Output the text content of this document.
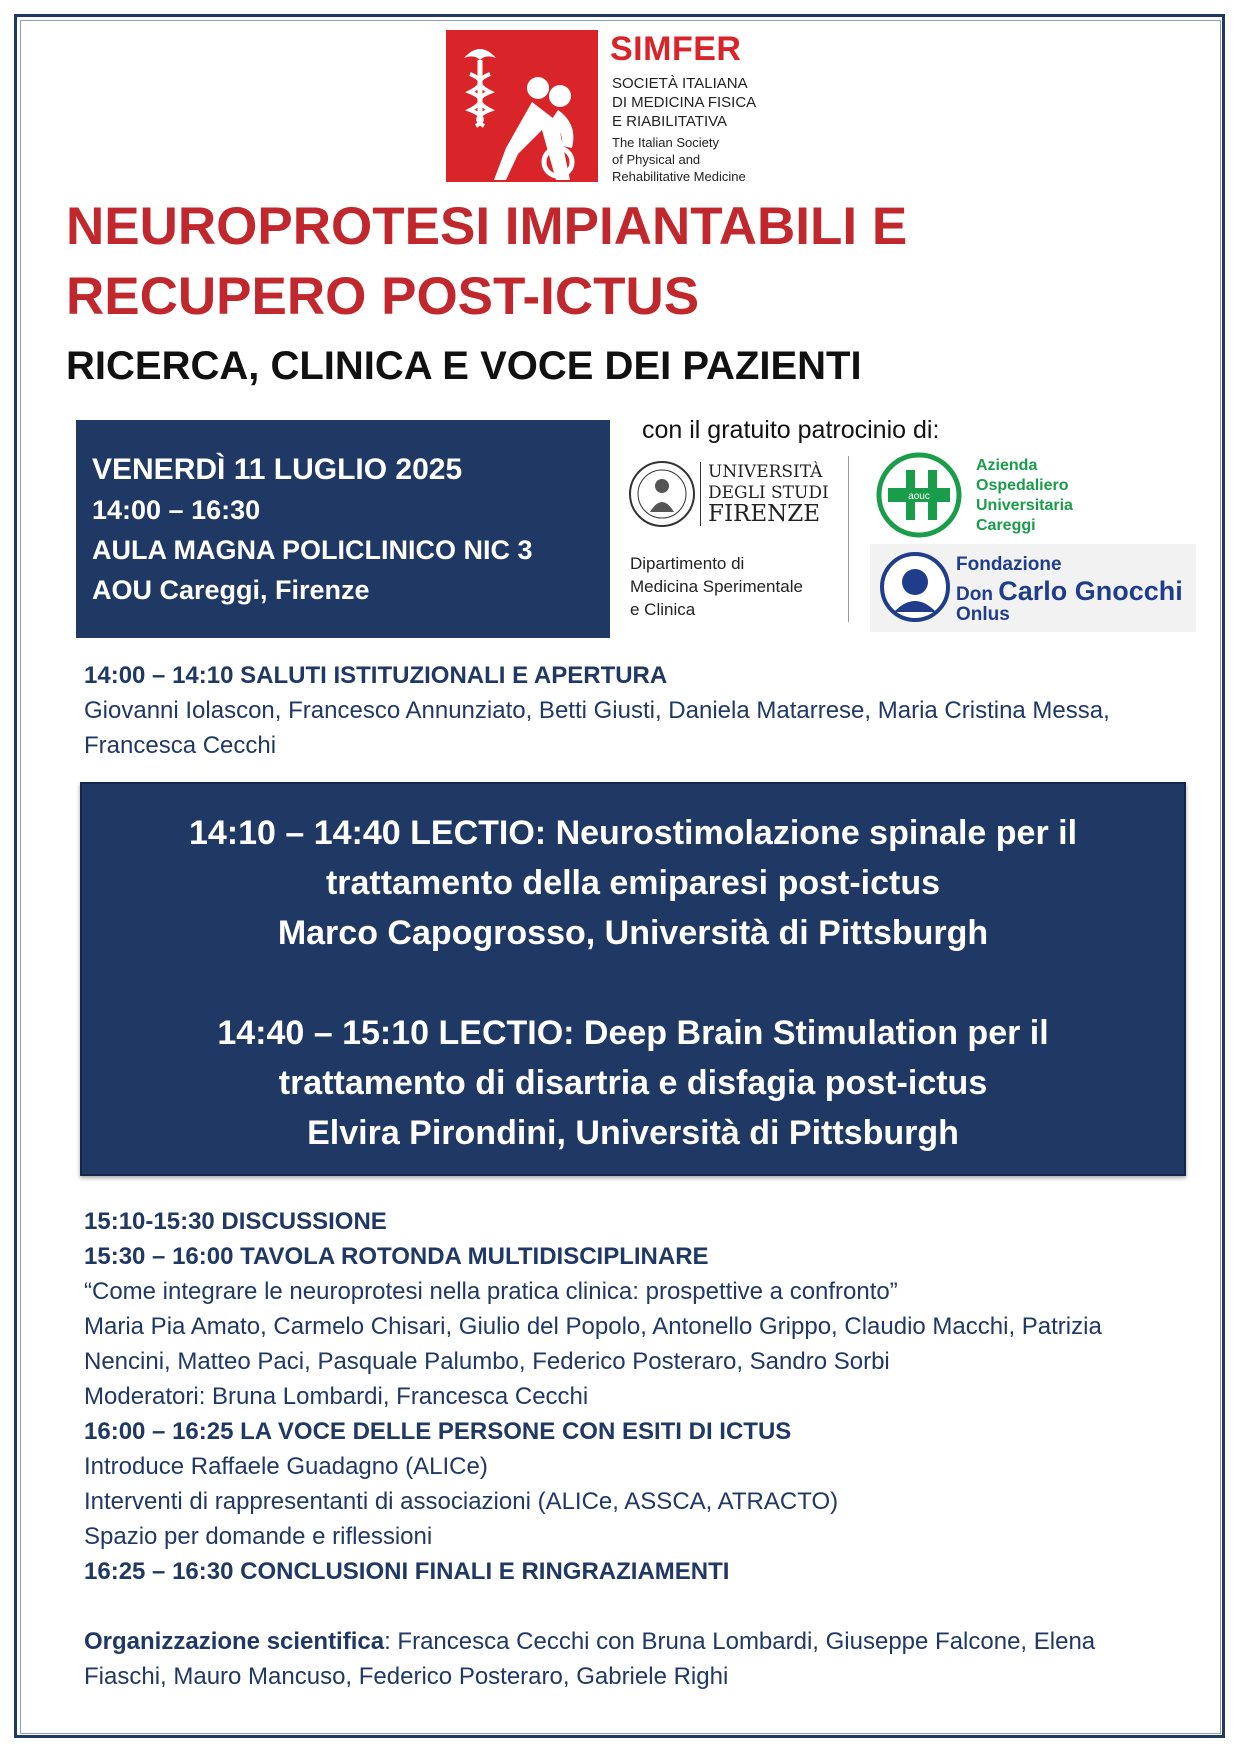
SIMFER
SOCIETÀ ITALIANA
DI MEDICINA FISICA
E RIABILITATIVA
The Italian Society
of Physical and
Rehabilitative Medicine
NEUROPROTESI IMPIANTABILI E RECUPERO POST-ICTUS
RICERCA, CLINICA E VOCE DEI PAZIENTI
VENERDÌ 11 LUGLIO 2025
14:00 – 16:30
AULA MAGNA POLICLINICO NIC 3
AOU Careggi, Firenze
con il gratuito patrocinio di:
UNIVERSITÀ
DEGLI STUDI
FIRENZE
Dipartimento di
Medicina Sperimentale
e Clinica
aouc
Azienda
Ospedaliero
Universitaria
Careggi
Fondazione
Don Carlo Gnocchi
Onlus
14:00 – 14:10 SALUTI ISTITUZIONALI E APERTURA
Giovanni Iolascon, Francesco Annunziato, Betti Giusti, Daniela Matarrese, Maria Cristina Messa, Francesca Cecchi
14:10 – 14:40 LECTIO: Neurostimolazione spinale per il
trattamento della emiparesi post-ictus
Marco Capogrosso, Università di Pittsburgh
14:40 – 15:10 LECTIO: Deep Brain Stimulation per il
trattamento di disartria e disfagia post-ictus
Elvira Pirondini, Università di Pittsburgh
15:10-15:30 DISCUSSIONE
15:30 – 16:00 TAVOLA ROTONDA MULTIDISCIPLINARE
“Come integrare le neuroprotesi nella pratica clinica: prospettive a confronto”
Maria Pia Amato, Carmelo Chisari, Giulio del Popolo, Antonello Grippo, Claudio Macchi, Patrizia Nencini, Matteo Paci, Pasquale Palumbo, Federico Posteraro, Sandro Sorbi
Moderatori: Bruna Lombardi, Francesca Cecchi
16:00 – 16:25 LA VOCE DELLE PERSONE CON ESITI DI ICTUS
Introduce Raffaele Guadagno (ALICe)
Interventi di rappresentanti di associazioni (ALICe, ASSCA, ATRACTO)
Spazio per domande e riflessioni
16:25 – 16:30 CONCLUSIONI FINALI E RINGRAZIAMENTI
Organizzazione scientifica: Francesca Cecchi con Bruna Lombardi, Giuseppe Falcone, Elena Fiaschi, Mauro Mancuso, Federico Posteraro, Gabriele Righi
